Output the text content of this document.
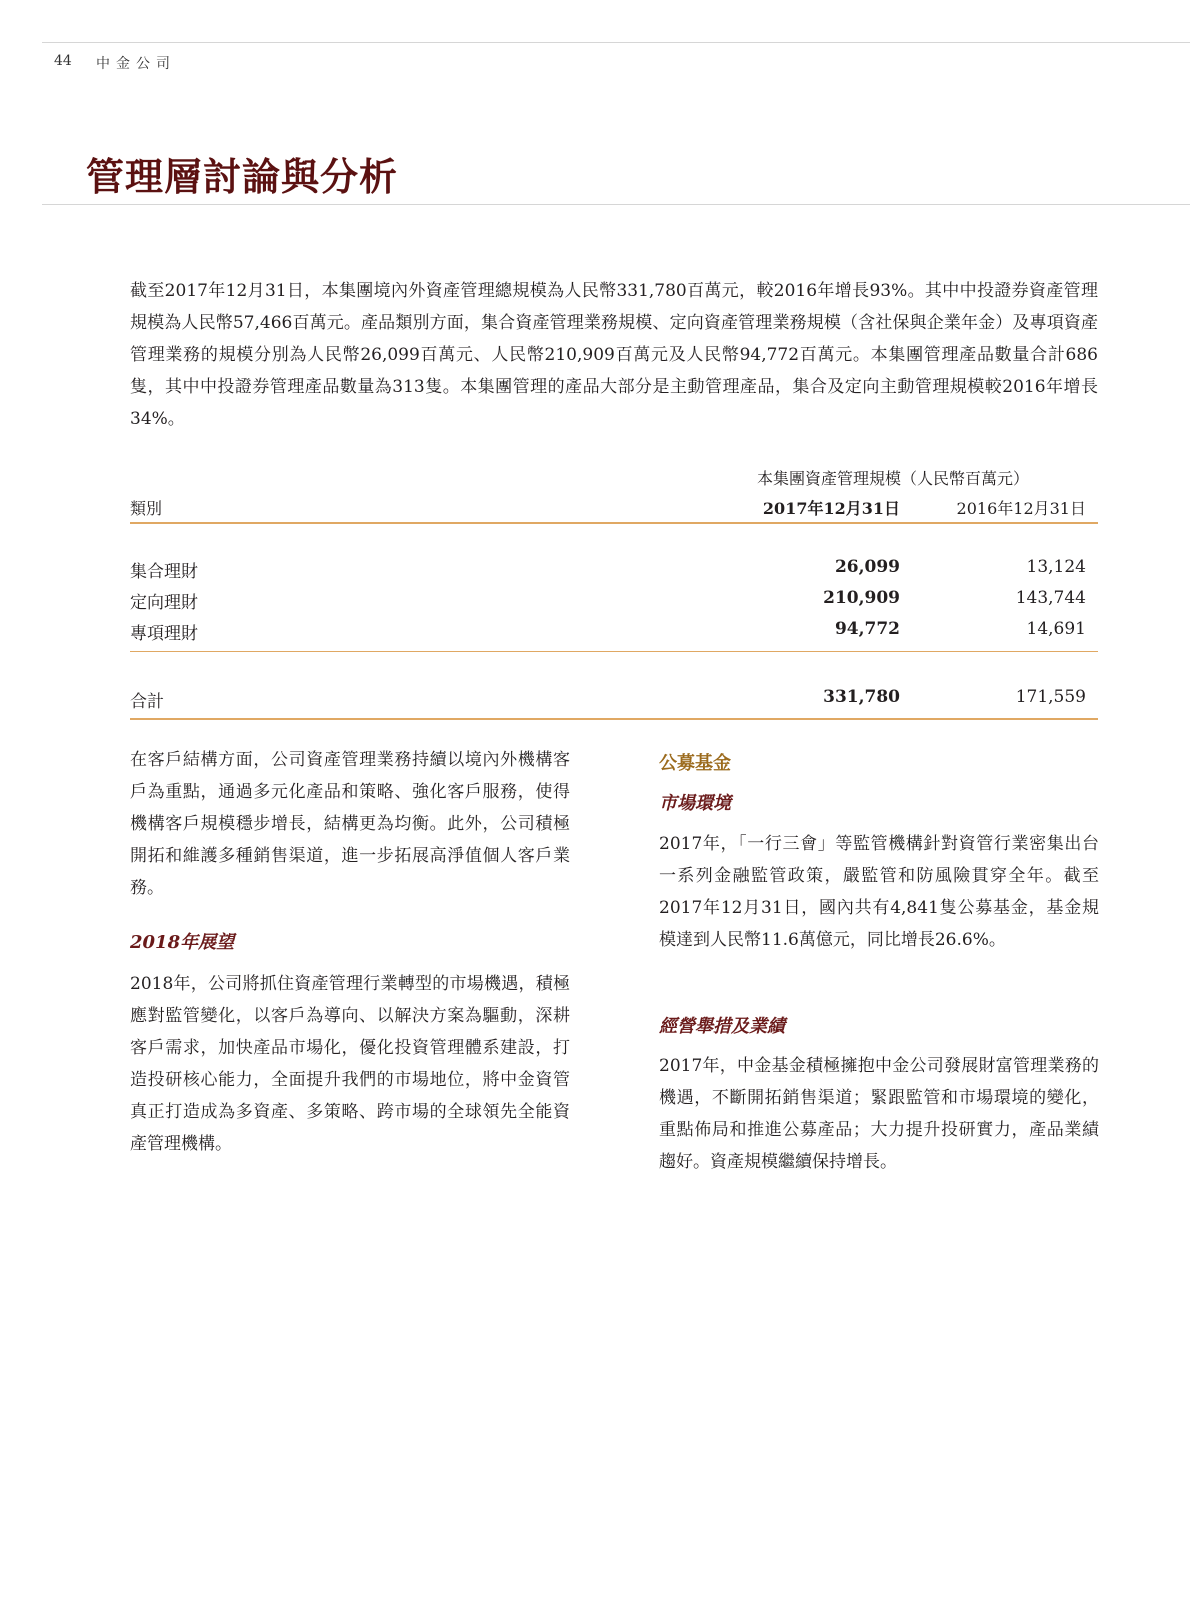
44 中金公司
管理層討論與分析

截至2017年12月31日，本集團境內外資產管理總規模為人民幣331,780百萬元，較2016年增長93%。其中中投證券資產管理規模為人民幣57,466百萬元。產品類別方面，集合資產管理業務規模、定向資產管理業務規模（含社保與企業年金）及專項資產管理業務的規模分別為人民幣26,099百萬元、人民幣210,909百萬元及人民幣94,772百萬元。本集團管理產品數量合計686隻，其中中投證券管理產品數量為313隻。本集團管理的產品大部分是主動管理產品，集合及定向主動管理規模較2016年增長34%。

本集團資產管理規模（人民幣百萬元）
類別	2017年12月31日	2016年12月31日
集合理財	26,099	13,124
定向理財	210,909	143,744
專項理財	94,772	14,691
合計	331,780	171,559

在客戶結構方面，公司資產管理業務持續以境內外機構客戶為重點，通過多元化產品和策略、強化客戶服務，使得機構客戶規模穩步增長，結構更為均衡。此外，公司積極開拓和維護多種銷售渠道，進一步拓展高淨值個人客戶業務。

2018年展望

2018年，公司將抓住資產管理行業轉型的市場機遇，積極應對監管變化，以客戶為導向、以解決方案為驅動，深耕客戶需求，加快產品市場化，優化投資管理體系建設，打造投研核心能力，全面提升我們的市場地位，將中金資管真正打造成為多資產、多策略、跨市場的全球領先全能資產管理機構。

公募基金
市場環境

2017年，「一行三會」等監管機構針對資管行業密集出台一系列金融監管政策，嚴監管和防風險貫穿全年。截至2017年12月31日，國內共有4,841隻公募基金，基金規模達到人民幣11.6萬億元，同比增長26.6%。

經營舉措及業績

2017年，中金基金積極擁抱中金公司發展財富管理業務的機遇，不斷開拓銷售渠道；緊跟監管和市場環境的變化，重點佈局和推進公募產品；大力提升投研實力，產品業績趨好。資產規模繼續保持增長。
